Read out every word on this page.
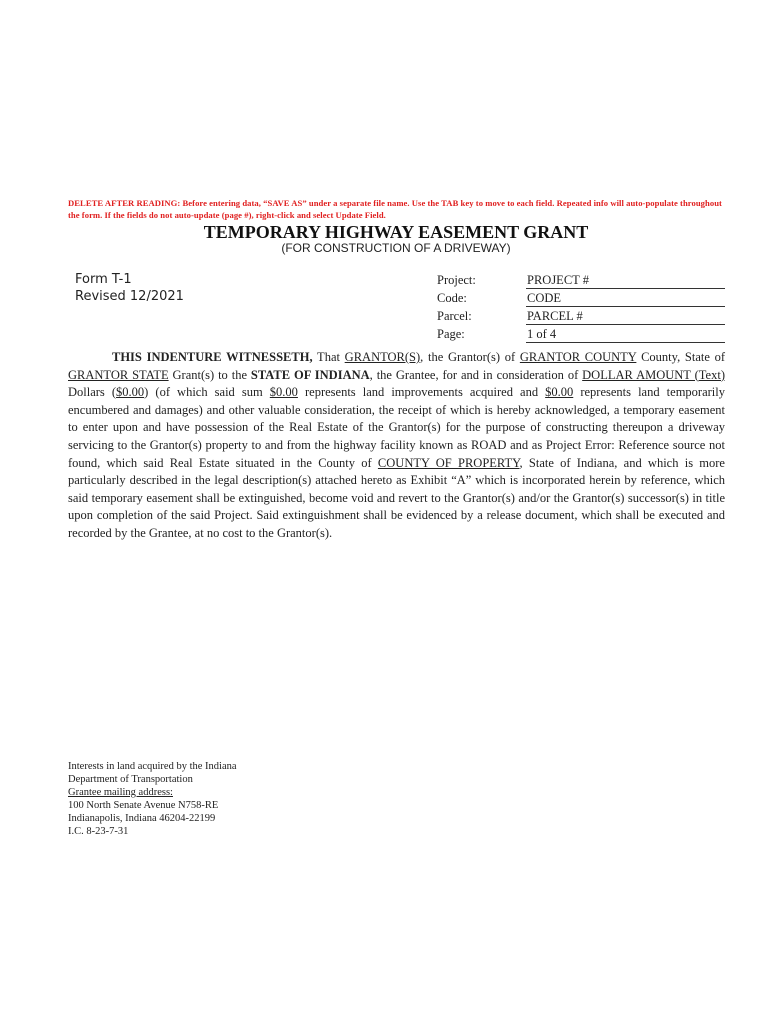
DELETE AFTER READING: Before entering data, “SAVE AS” under a separate file name. Use the TAB key to move to each field. Repeated info will auto-populate throughout the form. If the fields do not auto-update (page #), right-click and select Update Field.
TEMPORARY HIGHWAY EASEMENT GRANT
(FOR CONSTRUCTION OF A DRIVEWAY)
Form T-1
Revised 12/2021
Project:	PROJECT #
Code:	CODE
Parcel:	PARCEL #
Page:	1 of 4
THIS INDENTURE WITNESSETH, That GRANTOR(S), the Grantor(s) of GRANTOR COUNTY County, State of GRANTOR STATE Grant(s) to the STATE OF INDIANA, the Grantee, for and in consideration of DOLLAR AMOUNT (Text) Dollars ($0.00) (of which said sum $0.00 represents land improvements acquired and $0.00 represents land temporarily encumbered and damages) and other valuable consideration, the receipt of which is hereby acknowledged, a temporary easement to enter upon and have possession of the Real Estate of the Grantor(s) for the purpose of constructing thereupon a driveway servicing to the Grantor(s) property to and from the highway facility known as ROAD and as Project Error: Reference source not found, which said Real Estate situated in the County of COUNTY OF PROPERTY, State of Indiana, and which is more particularly described in the legal description(s) attached hereto as Exhibit “A” which is incorporated herein by reference, which said temporary easement shall be extinguished, become void and revert to the Grantor(s) and/or the Grantor(s) successor(s) in title upon completion of the said Project. Said extinguishment shall be evidenced by a release document, which shall be executed and recorded by the Grantee, at no cost to the Grantor(s).
Interests in land acquired by the Indiana
Department of Transportation
Grantee mailing address:
100 North Senate Avenue N758-RE
Indianapolis, Indiana 46204-22199
I.C. 8-23-7-31
